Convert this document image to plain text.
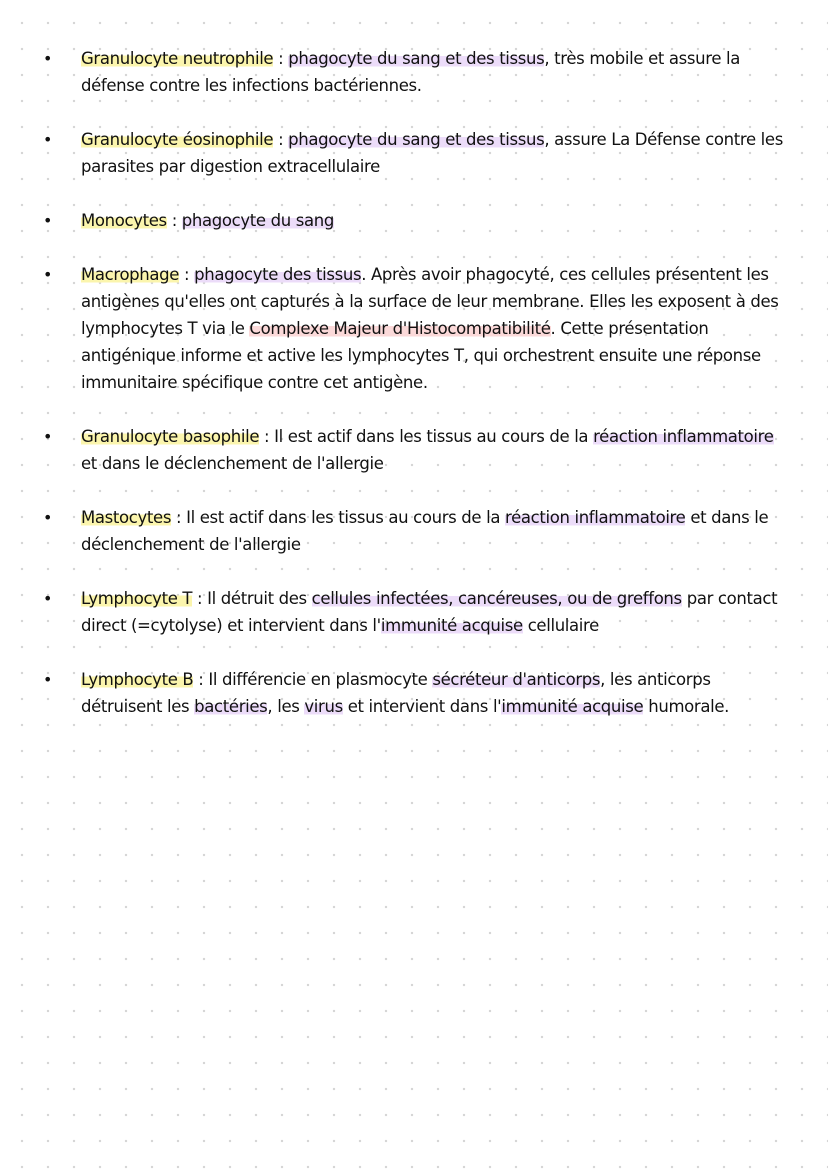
• Granulocyte neutrophile : phagocyte du sang et des tissus, très mobile et assure la défense contre les infections bactériennes.
• Granulocyte éosinophile : phagocyte du sang et des tissus, assure La Défense contre les parasites par digestion extracellulaire
• Monocytes : phagocyte du sang
• Macrophage : phagocyte des tissus. Après avoir phagocyté, ces cellules présentent les antigènes qu'elles ont capturés à la surface de leur membrane. Elles les exposent à des lymphocytes T via le Complexe Majeur d'Histocompatibilité. Cette présentation antigénique informe et active les lymphocytes T, qui orchestrent ensuite une réponse immunitaire spécifique contre cet antigène.
• Granulocyte basophile : Il est actif dans les tissus au cours de la réaction inflammatoire et dans le déclenchement de l'allergie
• Mastocytes : Il est actif dans les tissus au cours de la réaction inflammatoire et dans le déclenchement de l'allergie
• Lymphocyte T : Il détruit des cellules infectées, cancéreuses, ou de greffons par contact direct (=cytolyse) et intervient dans l'immunité acquise cellulaire
• Lymphocyte B : Il différencie en plasmocyte sécréteur d'anticorps, les anticorps détruisent les bactéries, les virus et intervient dans l'immunité acquise humorale.
